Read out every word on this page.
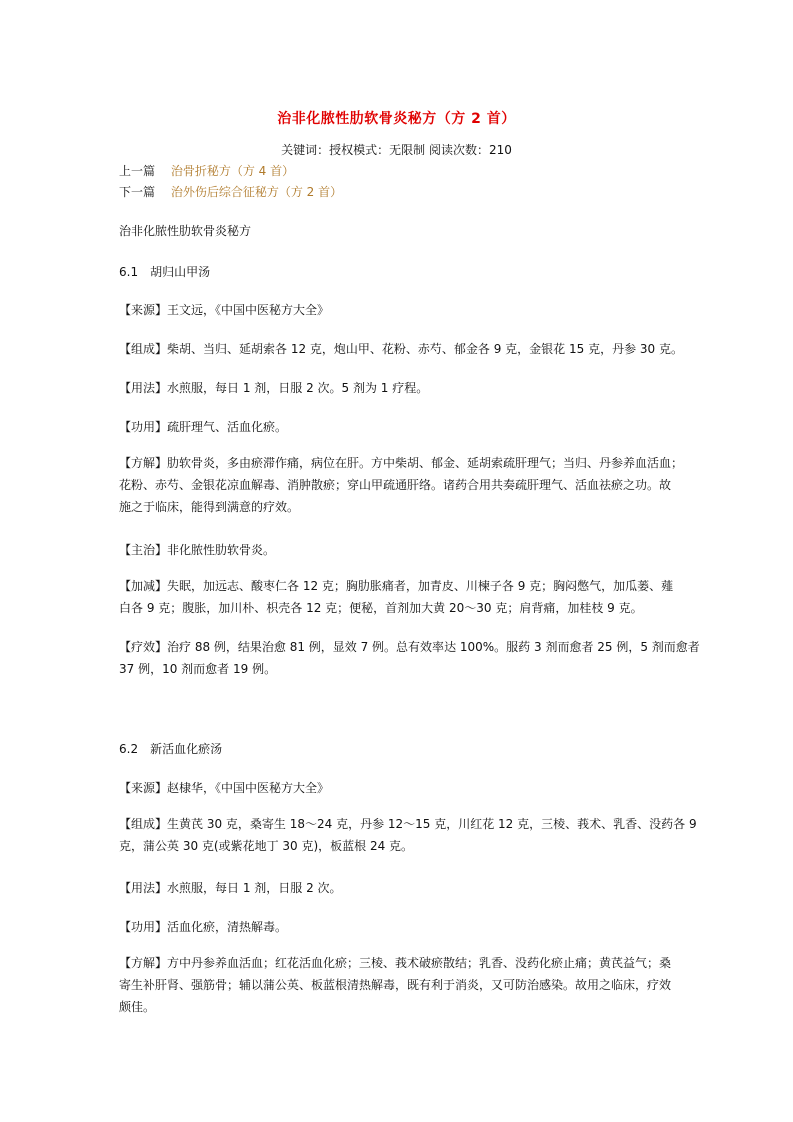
治非化脓性肋软骨炎秘方（方 2 首）
关键词：授权模式：无限制 阅读次数：210
上一篇 治骨折秘方（方 4 首）
下一篇 治外伤后综合征秘方（方 2 首）
治非化脓性肋软骨炎秘方
6.1　胡归山甲汤
【来源】王文远，《中国中医秘方大全》
【组成】柴胡、当归、延胡索各 12 克，炮山甲、花粉、赤芍、郁金各 9 克，金银花 15 克，丹参 30 克。
【用法】水煎服，每日 1 剂，日服 2 次。5 剂为 1 疗程。
【功用】疏肝理气、活血化瘀。
【方解】肋软骨炎，多由瘀滞作痛，病位在肝。方中柴胡、郁金、延胡索疏肝理气；当归、丹参养血活血；
花粉、赤芍、金银花凉血解毒、消肿散瘀；穿山甲疏通肝络。诸药合用共奏疏肝理气、活血祛瘀之功。故
施之于临床，能得到满意的疗效。
【主治】非化脓性肋软骨炎。
【加减】失眠，加远志、酸枣仁各 12 克；胸肋胀痛者，加青皮、川楝子各 9 克；胸闷憋气，加瓜蒌、薤
白各 9 克；腹胀，加川朴、枳壳各 12 克；便秘，首剂加大黄 20～30 克；肩背痛，加桂枝 9 克。
【疗效】治疗 88 例，结果治愈 81 例，显效 7 例。总有效率达 100%。服药 3 剂而愈者 25 例，5 剂而愈者
37 例，10 剂而愈者 19 例。
6.2　新活血化瘀汤
【来源】赵棣华，《中国中医秘方大全》
【组成】生黄芪 30 克，桑寄生 18～24 克，丹参 12～15 克，川红花 12 克，三棱、莪术、乳香、没药各 9
克，蒲公英 30 克(或紫花地丁 30 克)，板蓝根 24 克。
【用法】水煎服，每日 1 剂，日服 2 次。
【功用】活血化瘀，清热解毒。
【方解】方中丹参养血活血；红花活血化瘀；三棱、莪术破瘀散结；乳香、没药化瘀止痛；黄芪益气；桑
寄生补肝肾、强筋骨；辅以蒲公英、板蓝根清热解毒，既有利于消炎，又可防治感染。故用之临床，疗效
颇佳。
